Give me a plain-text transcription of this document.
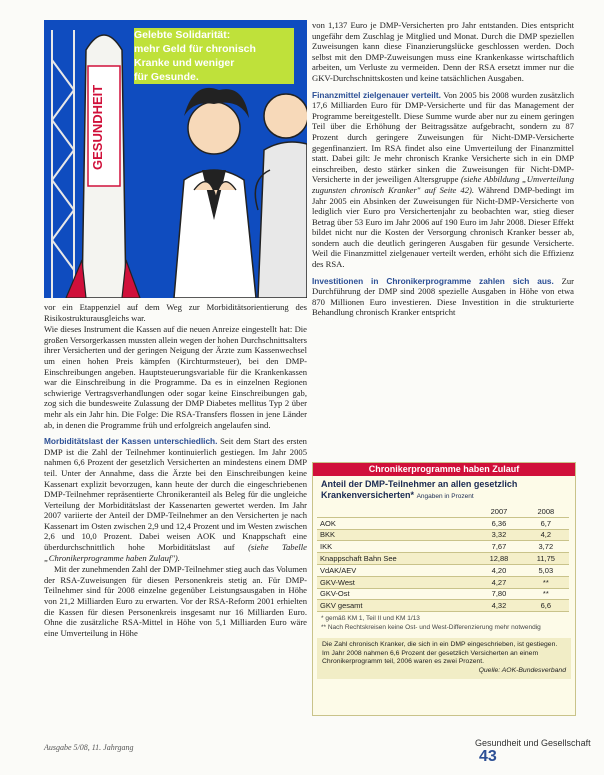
GESUNDHEIT
Gelebte Solidarität:
mehr Geld für chronisch
Kranke und weniger
für Gesunde.

vor ein Etappenziel auf dem Weg zur Morbiditätsorientierung des Risikostrukturausgleichs war.

Wie dieses Instrument die Kassen auf die neuen Anreize eingestellt hat: Die großen Versorgerkassen mussten allein wegen der hohen Durchschnittsalters ihrer Versicherten und der geringen Neigung der Ärzte zum Kassenwechsel um einen hohen Preis kämpfen (Kirchturmsteuer), bei den DMP-Einschreibungen angeben. Hauptsteuerungsvariable für die Krankenkassen war die Einschreibung in die Programme. Da es in einzelnen Regionen schwierige Vertragsverhandlungen oder sogar keine Einschreibungen gab, zog sich die bundesweite Zulassung der DMP Diabetes mellitus Typ 2 über mehr als ein Jahr hin. Die Folge: Die RSA-Transfers flossen in jene Länder ab, in denen die Programme früh und erfolgreich angelaufen sind.

Morbiditätslast der Kassen unterschiedlich. Seit dem Start des ersten DMP ist die Zahl der Teilnehmer kontinuierlich gestiegen. Im Jahr 2005 nahmen 6,6 Prozent der gesetzlich Versicherten an mindestens einem DMP teil. Unter der Annahme, dass die Ärzte bei den Einschreibungen keine Kassenart explizit bevorzugen, kann heute der durch die eingeschriebenen DMP-Teilnehmer repräsentierte Chronikeranteil als Beleg für die ungleiche Verteilung der Morbiditätslast der Kassenarten gewertet werden. Im Jahr 2007 variierte der Anteil der DMP-Teilnehmer an den Versicherten je nach Kassenart im Osten zwischen 2,9 und 12,4 Prozent und im Westen zwischen 2,6 und 10,0 Prozent. Dabei weisen AOK und Knappschaft eine überdurchschnittlich hohe Morbiditätslast auf (siehe Tabelle „Chronikerprogramme haben Zulauf").

Mit der zunehmenden Zahl der DMP-Teilnehmer stieg auch das Volumen der RSA-Zuweisungen für diesen Personenkreis stetig an. Für DMP-Teilnehmer sind für 2008 einzelne gegenüber Leistungsausgaben in Höhe von 21,2 Milliarden Euro zu erwarten. Vor der RSA-Reform 2001 erhielten die Kassen für diesen Personenkreis insgesamt nur 16 Milliarden Euro. Ohne die zusätzliche RSA-Mittel in Höhe von 5,1 Milliarden Euro wäre eine Umverteilung in Höhe

von 1,137 Euro je DMP-Versicherten pro Jahr entstanden. Dies entspricht ungefähr dem Zuschlag je Mitglied und Monat. Durch die DMP speziellen Zuweisungen kann diese Finanzierungslücke geschlossen werden. Doch selbst mit den DMP-Zuweisungen muss eine Krankenkasse wirtschaftlich arbeiten, um Verluste zu vermeiden. Denn der RSA ersetzt immer nur die GKV-Durchschnittskosten und keine tatsächlichen Ausgaben.

Finanzmittel zielgenauer verteilt. Von 2005 bis 2008 wurden zusätzlich 17,6 Milliarden Euro für DMP-Versicherte und für das Management der Programme bereitgestellt. Diese Summe wurde aber nur zu einem geringen Teil über die Erhöhung der Beitragssätze aufgebracht, sondern zu 87 Prozent durch geringere Zuweisungen für Nicht-DMP-Versicherte gegenfinanziert. Im RSA findet also eine Umverteilung der Finanzmittel statt. Dabei gilt: Je mehr chronisch Kranke Versicherte sich in ein DMP einschreiben, desto stärker sinken die Zuweisungen für Nicht-DMP-Versicherte in der jeweiligen Altersgruppe (siehe Abbildung „Umverteilung zugunsten chronisch Kranker" auf Seite 42). Während DMP-bedingt im Jahr 2005 ein Absinken der Zuweisungen für Nicht-DMP-Versicherte von lediglich vier Euro pro Versichertenjahr zu beobachten war, stieg dieser Betrag über 53 Euro im Jahr 2006 auf 190 Euro im Jahr 2008. Dieser Effekt bildet nicht nur die Kosten der Versorgung chronisch Kranker besser ab, sondern auch die deutlich geringeren Ausgaben für gesunde Versicherte. Weil die Finanzmittel zielgenauer verteilt werden, erhöht sich die Effizienz des RSA.

Investitionen in Chronikerprogramme zahlen sich aus. Zur Durchführung der DMP sind 2008 spezielle Ausgaben in Höhe von etwa 870 Millionen Euro investieren. Diese Investition in die strukturierte Behandlung chronisch Kranker entspricht

Chronikerprogramme haben Zulauf
Anteil der DMP-Teilnehmer an allen gesetzlich Krankenversicherten* Angaben in Prozent
	2007	2008
AOK	6,36	6,7
BKK	3,32	4,2
IKK	7,67	3,72
Knappschaft Bahn See	12,88	11,75
VdAK/AEV	4,20	5,03
GKV-West	4,27	**
GKV-Ost	7,80	**
GKV gesamt	4,32	6,6
* gemäß KM 1, Teil II und KM 1/13
** Nach Rechtskreisen keine Ost- und West-Differenzierung mehr notwendig
Die Zahl chronisch Kranker, die sich in ein DMP eingeschrieben, ist gestiegen. Im Jahr 2008 nahmen 6,6 Prozent der gesetzlich Versicherten an einem Chronikerprogramm teil, 2006 waren es zwei Prozent.
Quelle: AOK-Bundesverband
Ausgabe 5/08, 11. Jahrgang	Gesundheit und Gesellschaft 43
